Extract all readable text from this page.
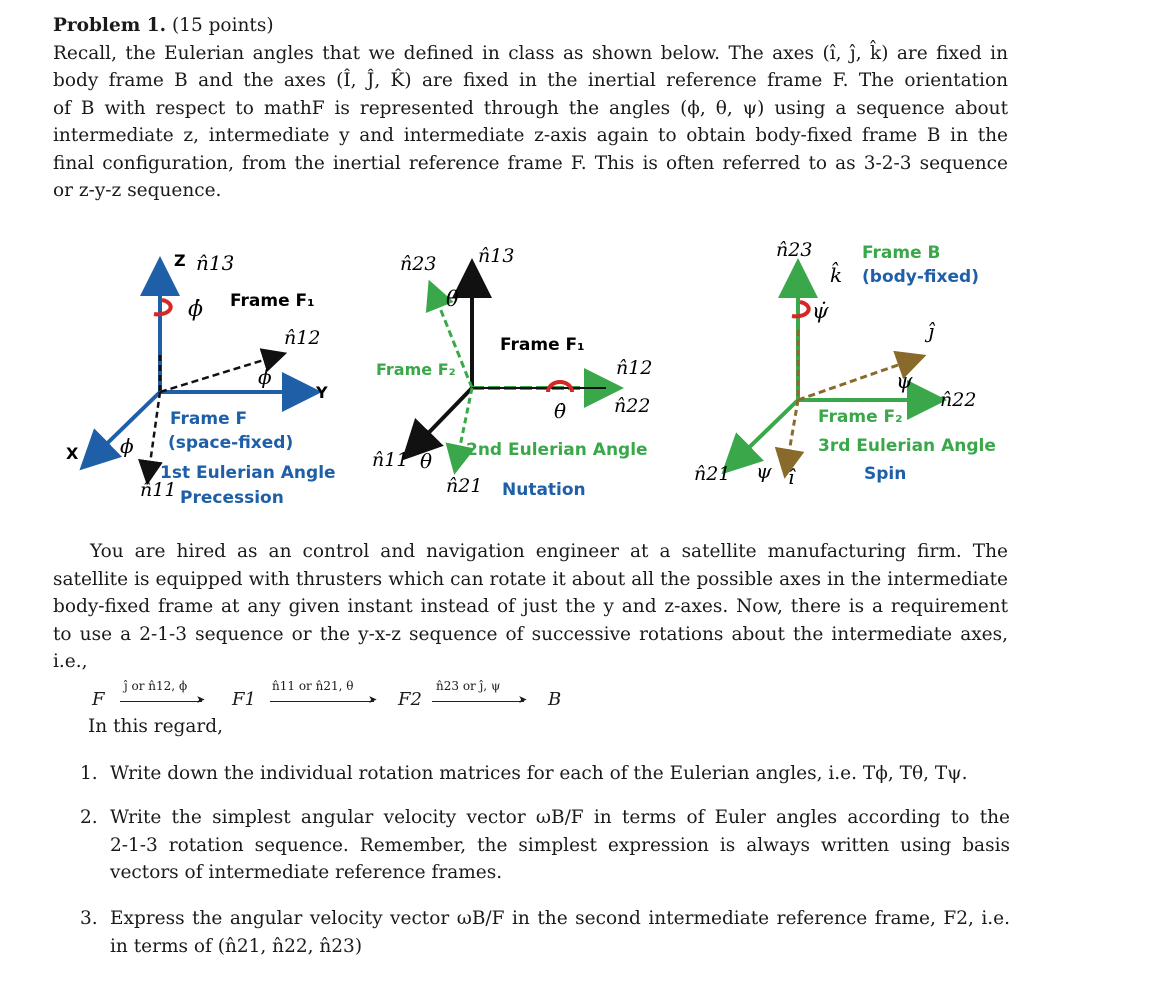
Problem 1. (15 points)
Recall, the Eulerian angles that we defined in class as shown below. The axes (î, ĵ, k̂) are fixed in
body frame B and the axes (Î, Ĵ, K̂) are fixed in the inertial reference frame F. The orientation
of B with respect to mathF is represented through the angles (ϕ, θ, ψ) using a sequence about
intermediate z, intermediate y and intermediate z-axis again to obtain body-fixed frame B in the
final configuration, from the inertial reference frame F. This is often referred to as 3-2-3 sequence
or z-y-z sequence.
Z n̂13
ϕ̇ Frame F₁
n̂12
ϕ
Y
Frame F
(space-fixed)
X ϕ
1st Eulerian Angle
n̂11 Precession
n̂23 n̂13
θ
Frame F₁
Frame F₂	n̂12
θ̇	n̂22
n̂11 θ 2nd Eulerian Angle
n̂21 Nutation
n̂23
k̂
Frame B
(body-fixed)
ψ̇
ĵ
ψ
n̂22
Frame F₂
3rd Eulerian Angle
Spin
n̂21 ψ î
You are hired as an control and navigation engineer at a satellite manufacturing firm. The
satellite is equipped with thrusters which can rotate it about all the possible axes in the intermediate
body-fixed frame at any given instant instead of just the y and z-axes. Now, there is a requirement
to use a 2-1-3 sequence or the y-x-z sequence of successive rotations about the intermediate axes,
i.e.,
F
ĵ or n̂12, ϕ
➤ F1
n̂11 or n̂21, θ
➤ F2
n̂23 or ĵ, ψ
➤ B
In this regard,
1. Write down the individual rotation matrices for each of the Eulerian angles, i.e. Tϕ, Tθ, Tψ.
2. Write the simplest angular velocity vector ωB/F in terms of Euler angles according to the
2-1-3 rotation sequence. Remember, the simplest expression is always written using basis
vectors of intermediate reference frames.
3. Express the angular velocity vector ωB/F in the second intermediate reference frame, F2, i.e.
in terms of (n̂21, n̂22, n̂23)
